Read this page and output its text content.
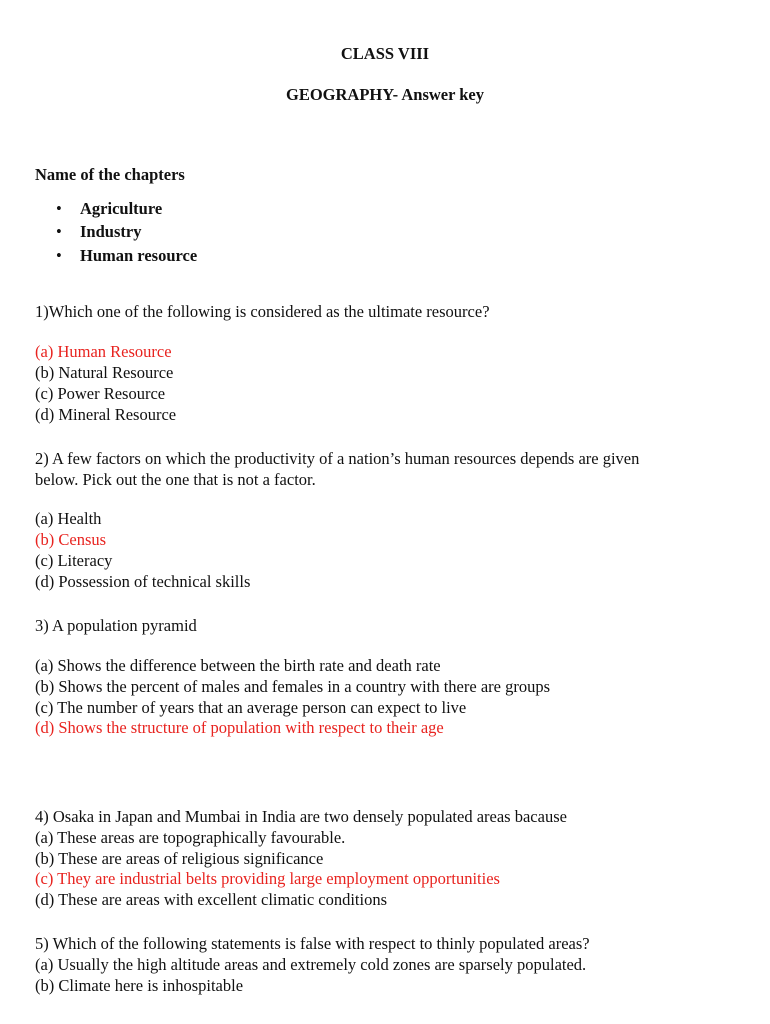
CLASS VIII
GEOGRAPHY- Answer key
Name of the chapters
• Agriculture
• Industry
• Human resource
1)Which one of the following is considered as the ultimate resource?
(a) Human Resource
(b) Natural Resource
(c) Power Resource
(d) Mineral Resource
2) A few factors on which the productivity of a nation’s human resources depends are given
below. Pick out the one that is not a factor.
(a) Health
(b) Census
(c) Literacy
(d) Possession of technical skills
3) A population pyramid
(a) Shows the difference between the birth rate and death rate
(b) Shows the percent of males and females in a country with there are groups
(c) The number of years that an average person can expect to live
(d) Shows the structure of population with respect to their age
4) Osaka in Japan and Mumbai in India are two densely populated areas bacause
(a) These areas are topographically favourable.
(b) These are areas of religious significance
(c) They are industrial belts providing large employment opportunities
(d) These are areas with excellent climatic conditions
5) Which of the following statements is false with respect to thinly populated areas?
(a) Usually the high altitude areas and extremely cold zones are sparsely populated.
(b) Climate here is inhospitable
